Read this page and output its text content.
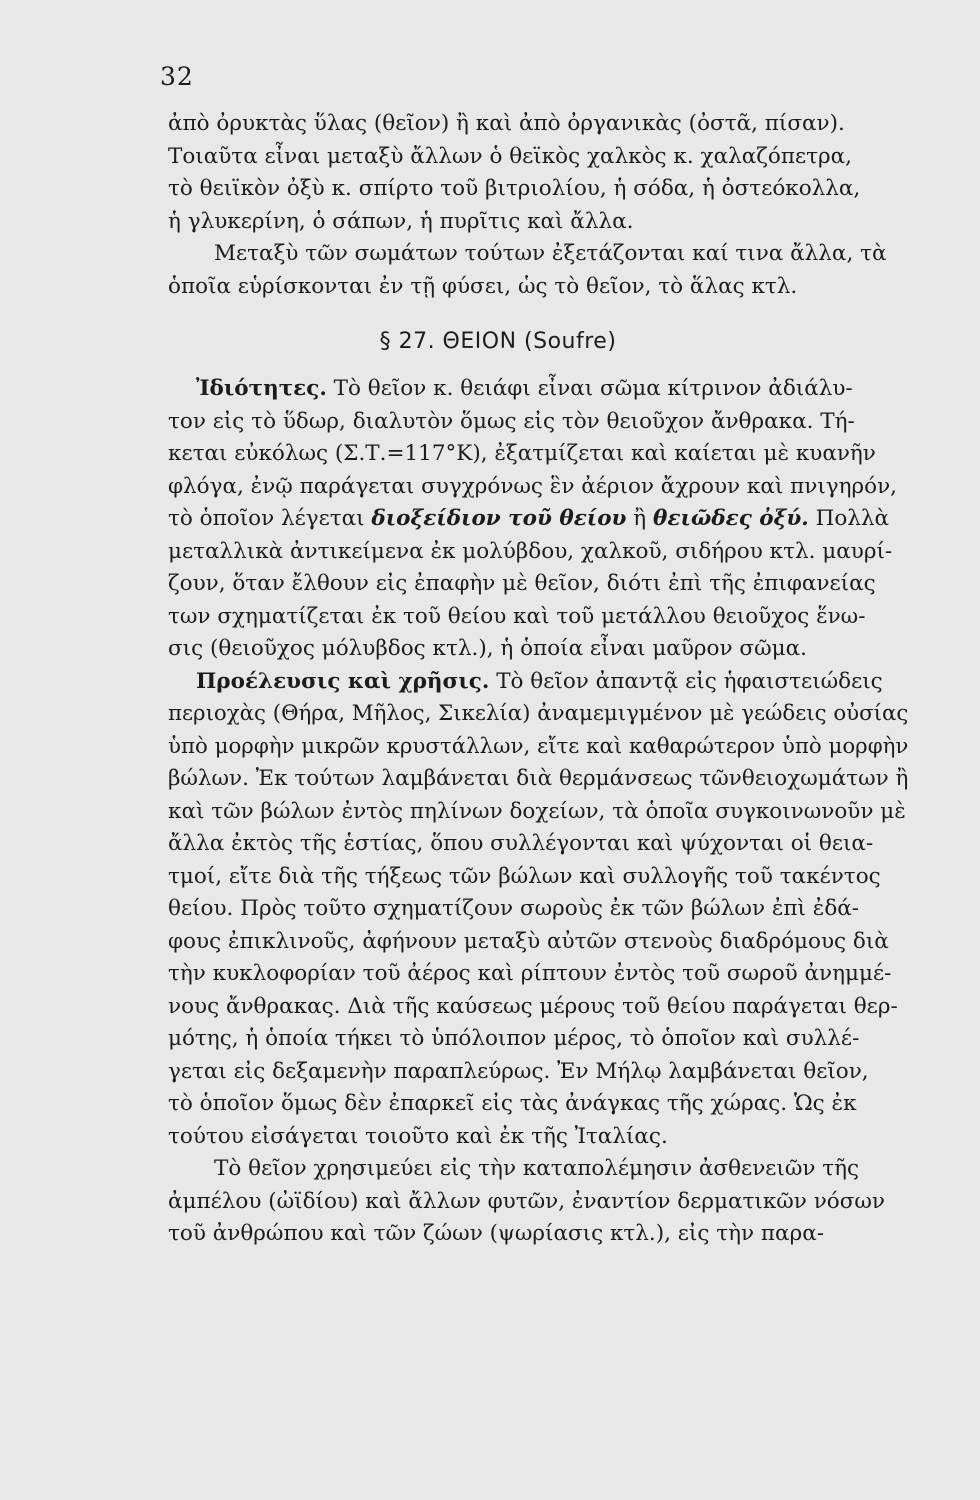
32
ἀπὸ ὀρυκτὰς ὕλας (θεῖον) ἢ καὶ ἀπὸ ὀργανικὰς (ὀστᾶ, πίσαν).
Τοιαῦτα εἶναι μεταξὺ ἄλλων ὁ θεϊκὸς χαλκὸς κ. χαλαζόπετρα,
τὸ θειϊκὸν ὀξὺ κ. σπίρτο τοῦ βιτριολίου, ἡ σόδα, ἡ ὀστεόκολλα,
ἡ γλυκερίνη, ὁ σάπων, ἡ πυρῖτις καὶ ἄλλα.
Μεταξὺ τῶν σωμάτων τούτων ἐξετάζονται καί τινα ἄλλα, τὰ
ὁποῖα εὑρίσκονται ἐν τῇ φύσει, ὡς τὸ θεῖον, τὸ ἅλας κτλ.
§ 27. ΘΕΙΟΝ (Soufre)
Ἰδιότητες. Τὸ θεῖον κ. θειάφι εἶναι σῶμα κίτρινον ἀδιάλυ-
τον εἰς τὸ ὕδωρ, διαλυτὸν ὅμως εἰς τὸν θειοῦχον ἄνθρακα. Τή-
κεται εὐκόλως (Σ.Τ.=117°Κ), ἐξατμίζεται καὶ καίεται μὲ κυανῆν
φλόγα, ἐνῷ παράγεται συγχρόνως ἓν ἀέριον ἄχρουν καὶ πνιγηρόν,
τὸ ὁποῖον λέγεται διοξείδιον τοῦ θείου ἢ θειῶδες ὀξύ. Πολλὰ
μεταλλικὰ ἀντικείμενα ἐκ μολύβδου, χαλκοῦ, σιδήρου κτλ. μαυρί-
ζουν, ὅταν ἔλθουν εἰς ἐπαφὴν μὲ θεῖον, διότι ἐπὶ τῆς ἐπιφανείας
των σχηματίζεται ἐκ τοῦ θείου καὶ τοῦ μετάλλου θειοῦχος ἕνω-
σις (θειοῦχος μόλυβδος κτλ.), ἡ ὁποία εἶναι μαῦρον σῶμα.
Προέλευσις καὶ χρῆσις. Τὸ θεῖον ἀπαντᾷ εἰς ἡφαιστειώδεις
περιοχὰς (Θήρα, Μῆλος, Σικελία) ἀναμεμιγμένον μὲ γεώδεις οὐσίας
ὑπὸ μορφὴν μικρῶν κρυστάλλων, εἴτε καὶ καθαρώτερον ὑπὸ μορφὴν
βώλων. Ἐκ τούτων λαμβάνεται διὰ θερμάνσεως τῶνθειοχωμάτων ἢ
καὶ τῶν βώλων ἐντὸς πηλίνων δοχείων, τὰ ὁποῖα συγκοινωνοῦν μὲ
ἄλλα ἐκτὸς τῆς ἑστίας, ὅπου συλλέγονται καὶ ψύχονται οἱ θεια-
τμοί, εἴτε διὰ τῆς τήξεως τῶν βώλων καὶ συλλογῆς τοῦ τακέντος
θείου. Πρὸς τοῦτο σχηματίζουν σωροὺς ἐκ τῶν βώλων ἐπὶ ἐδά-
φους ἐπικλινοῦς, ἀφήνουν μεταξὺ αὐτῶν στενοὺς διαδρόμους διὰ
τὴν κυκλοφορίαν τοῦ ἀέρος καὶ ρίπτουν ἐντὸς τοῦ σωροῦ ἀνημμέ-
νους ἄνθρακας. Διὰ τῆς καύσεως μέρους τοῦ θείου παράγεται θερ-
μότης, ἡ ὁποία τήκει τὸ ὑπόλοιπον μέρος, τὸ ὁποῖον καὶ συλλέ-
γεται εἰς δεξαμενὴν παραπλεύρως. Ἐν Μήλῳ λαμβάνεται θεῖον,
τὸ ὁποῖον ὅμως δὲν ἐπαρκεῖ εἰς τὰς ἀνάγκας τῆς χώρας. Ὡς ἐκ
τούτου εἰσάγεται τοιοῦτο καὶ ἐκ τῆς Ἰταλίας.
Τὸ θεῖον χρησιμεύει εἰς τὴν καταπολέμησιν ἀσθενειῶν τῆς
ἀμπέλου (ὠϊδίου) καὶ ἄλλων φυτῶν, ἐναντίον δερματικῶν νόσων
τοῦ ἀνθρώπου καὶ τῶν ζώων (ψωρίασις κτλ.), εἰς τὴν παρα-
